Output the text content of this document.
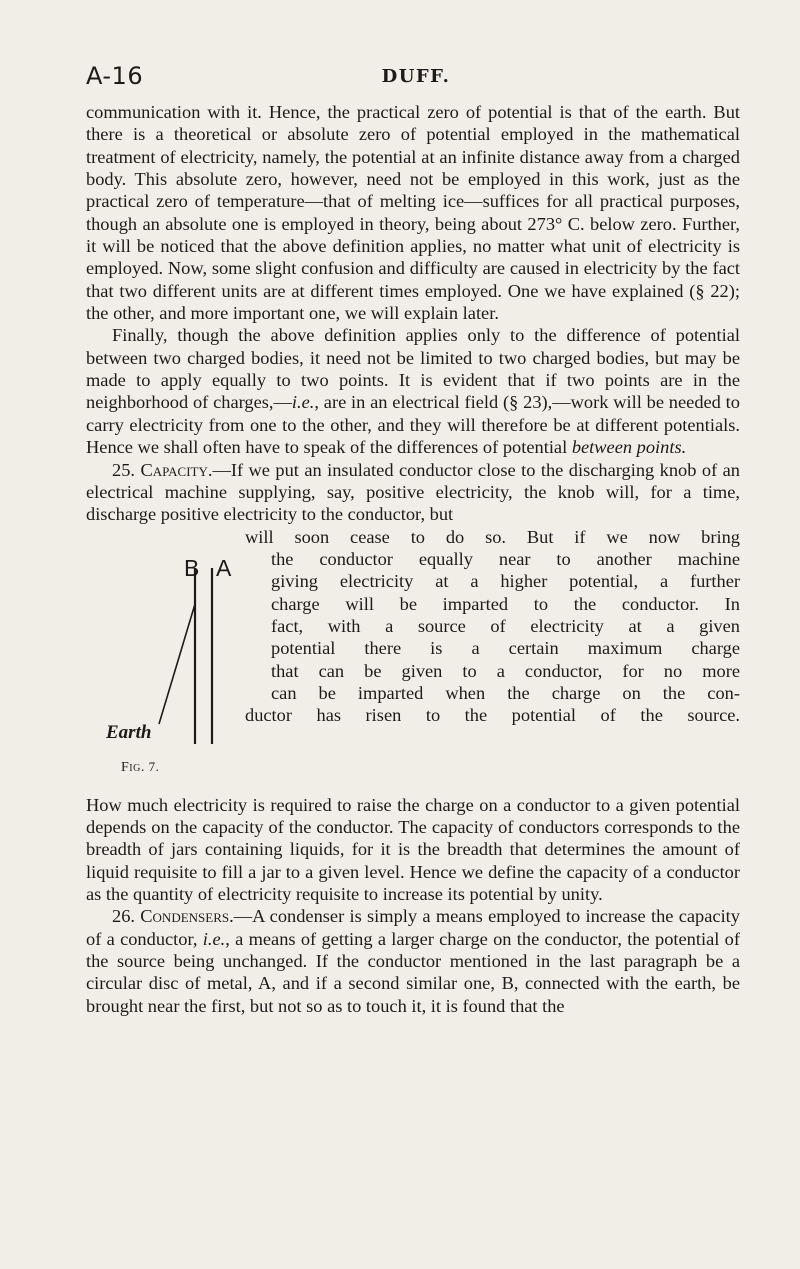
A-16	DUFF.

communication with it. Hence, the practical zero of potential is that of the earth. But there is a theoretical or absolute zero of potential employed in the mathematical treatment of electricity, namely, the potential at an infinite distance away from a charged body. This absolute zero, however, need not be employed in this work, just as the practical zero of temperature—that of melting ice—suffices for all practical purposes, though an absolute one is employed in theory, being about 273° C. below zero. Further, it will be noticed that the above definition applies, no matter what unit of electricity is employed. Now, some slight confusion and difficulty are caused in electricity by the fact that two different units are at different times employed. One we have explained (§ 22); the other, and more important one, we will explain later.

Finally, though the above definition applies only to the difference of potential between two charged bodies, it need not be limited to two charged bodies, but may be made to apply equally to two points. It is evident that if two points are in the neighborhood of charges,—i.e., are in an electrical field (§ 23),—work will be needed to carry electricity from one to the other, and they will therefore be at different potentials. Hence we shall often have to speak of the differences of potential between points.

25. Capacity.—If we put an insulated conductor close to the discharging knob of an electrical machine supplying, say, positive electricity, the knob will, for a time, discharge positive electricity to the conductor, but

B A
Earth
Fig. 7.
will soon cease to do so. But if we now bring
the conductor equally near to another machine
giving electricity at a higher potential, a further
charge will be imparted to the conductor. In
fact, with a source of electricity at a given
potential there is a certain maximum charge
that can be given to a conductor, for no more
can be imparted when the charge on the con-
ductor has risen to the potential of the source.

How much electricity is required to raise the charge on a conductor to a given potential depends on the capacity of the conductor. The capacity of conductors corresponds to the breadth of jars containing liquids, for it is the breadth that determines the amount of liquid requisite to fill a jar to a given level. Hence we define the capacity of a conductor as the quantity of electricity requisite to increase its potential by unity.

26. Condensers.—A condenser is simply a means employed to increase the capacity of a conductor, i.e., a means of getting a larger charge on the conductor, the potential of the source being unchanged. If the conductor mentioned in the last paragraph be a circular disc of metal, A, and if a second similar one, B, connected with the earth, be brought near the first, but not so as to touch it, it is found that the
